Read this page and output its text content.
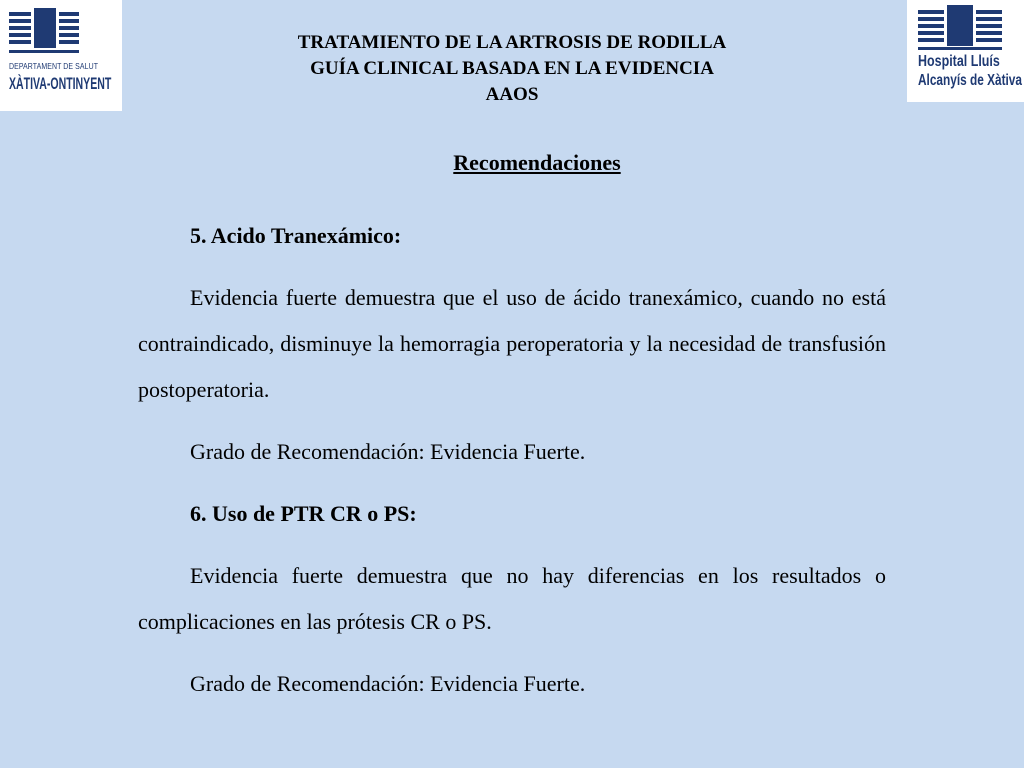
DEPARTAMENT DE SALUT
XÀTIVA-ONTINYENT
Hospital Lluís
Alcanyís de Xàtiva
TRATAMIENTO DE LA ARTROSIS DE RODILLA
GUÍA CLINICAL BASADA EN LA EVIDENCIA
AAOS
Recomendaciones

5. Acido Tranexámico:

Evidencia fuerte demuestra que el uso de ácido tranexámico, cuando no está contraindicado, disminuye la hemorragia peroperatoria y la necesidad de transfusión postoperatoria.

Grado de Recomendación: Evidencia Fuerte.

6. Uso de PTR CR o PS:

Evidencia fuerte demuestra que no hay diferencias en los resultados o complicaciones en las prótesis CR o PS.

Grado de Recomendación: Evidencia Fuerte.
